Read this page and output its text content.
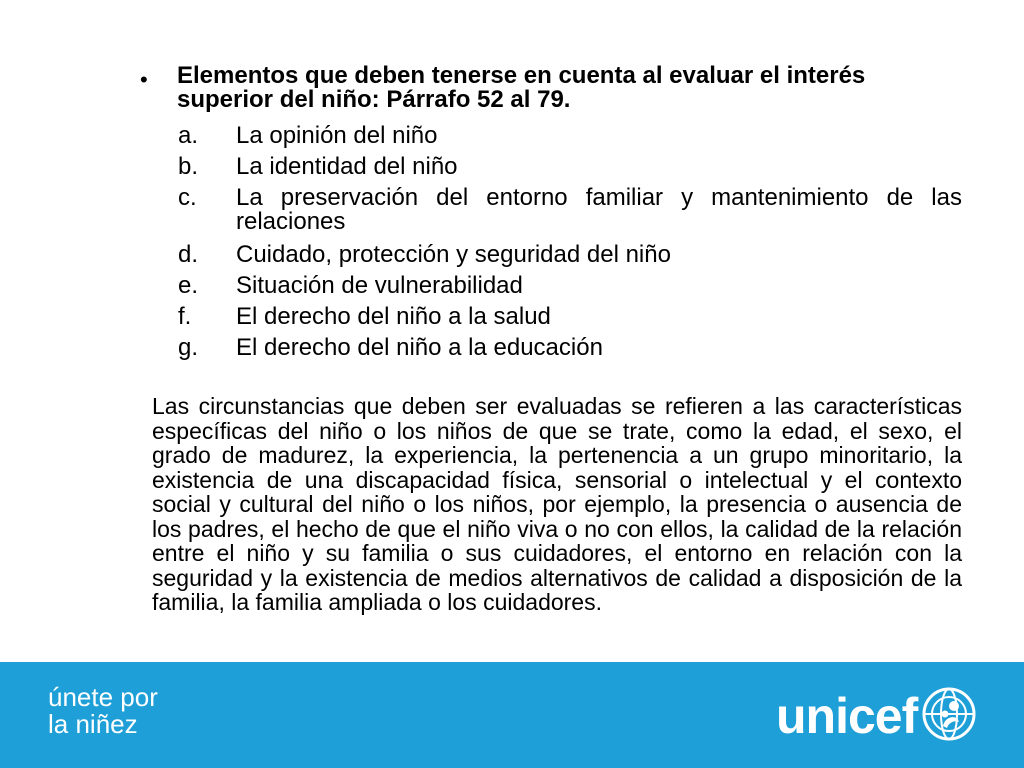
• Elementos que deben tenerse en cuenta al evaluar el interés superior del niño: Párrafo 52 al 79.
a. La opinión del niño
b. La identidad del niño
c. La preservación del entorno familiar y mantenimiento de las relaciones
d. Cuidado, protección y seguridad del niño
e. Situación de vulnerabilidad
f. El derecho del niño a la salud
g. El derecho del niño a la educación

Las circunstancias que deben ser evaluadas se refieren a las características específicas del niño o los niños de que se trate, como la edad, el sexo, el grado de madurez, la experiencia, la pertenencia a un grupo minoritario, la existencia de una discapacidad física, sensorial o intelectual y el contexto social y cultural del niño o los niños, por ejemplo, la presencia o ausencia de los padres, el hecho de que el niño viva o no con ellos, la calidad de la relación entre el niño y su familia o sus cuidadores, el entorno en relación con la seguridad y la existencia de medios alternativos de calidad a disposición de la familia, la familia ampliada o los cuidadores.

únete por
la niñez	unicef
